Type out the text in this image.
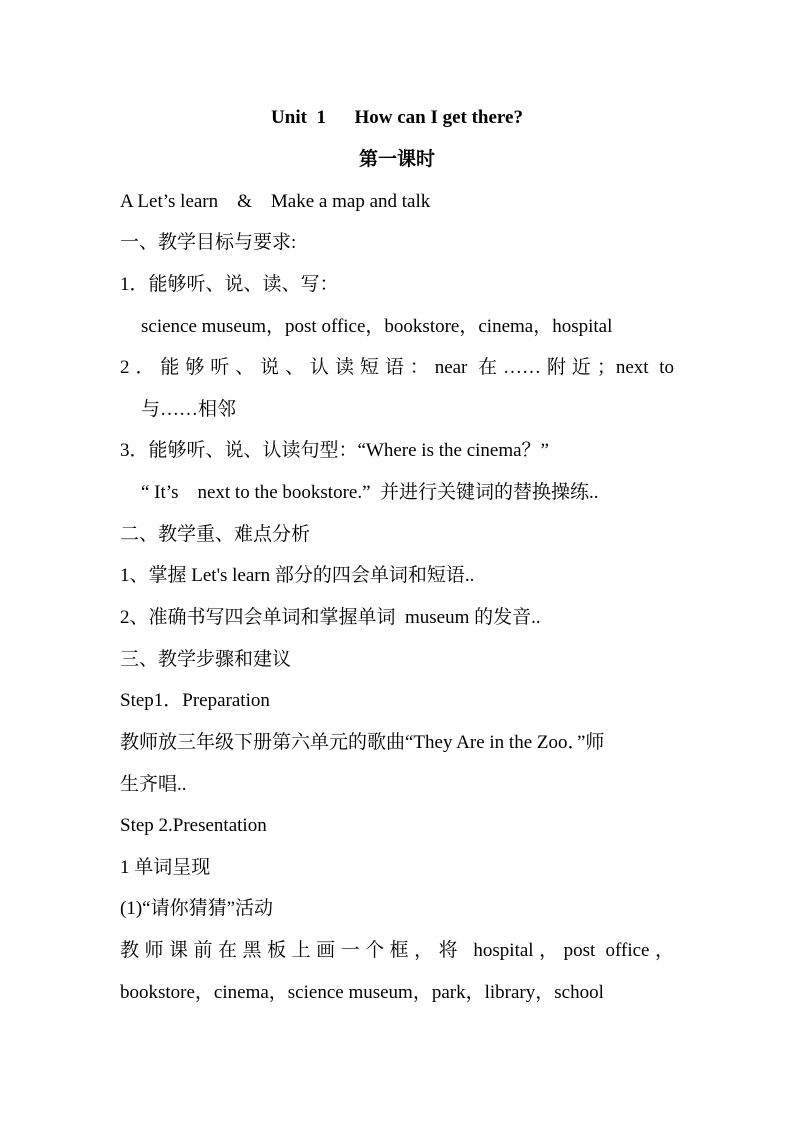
Unit  1      How can I get there?
第一课时
A Let’s learn    &    Make a map and talk
一、教学目标与要求:
1．能够听、说、读、写：
science museum，post office，bookstore，cinema，hospital
2．能够听、说、认读短语：near 在……附近；next to
与……相邻
3．能够听、说、认读句型：“Where is the cinema？”
“ It’s    next to the bookstore.”  并进行关键词的替换操练..
二、教学重、难点分析
1、掌握 Let's learn 部分的四会单词和短语..
2、准确书写四会单词和掌握单词  museum 的发音..
三、教学步骤和建议
Step1．Preparation
教师放三年级下册第六单元的歌曲“They Are in the Zoo．”师
生齐唱..
Step 2.Presentation
1 单词呈现
(1)“请你猜猜”活动
教师课前在黑板上画一个框，将 hospital，post office，
bookstore，cinema，science museum，park，library，school
